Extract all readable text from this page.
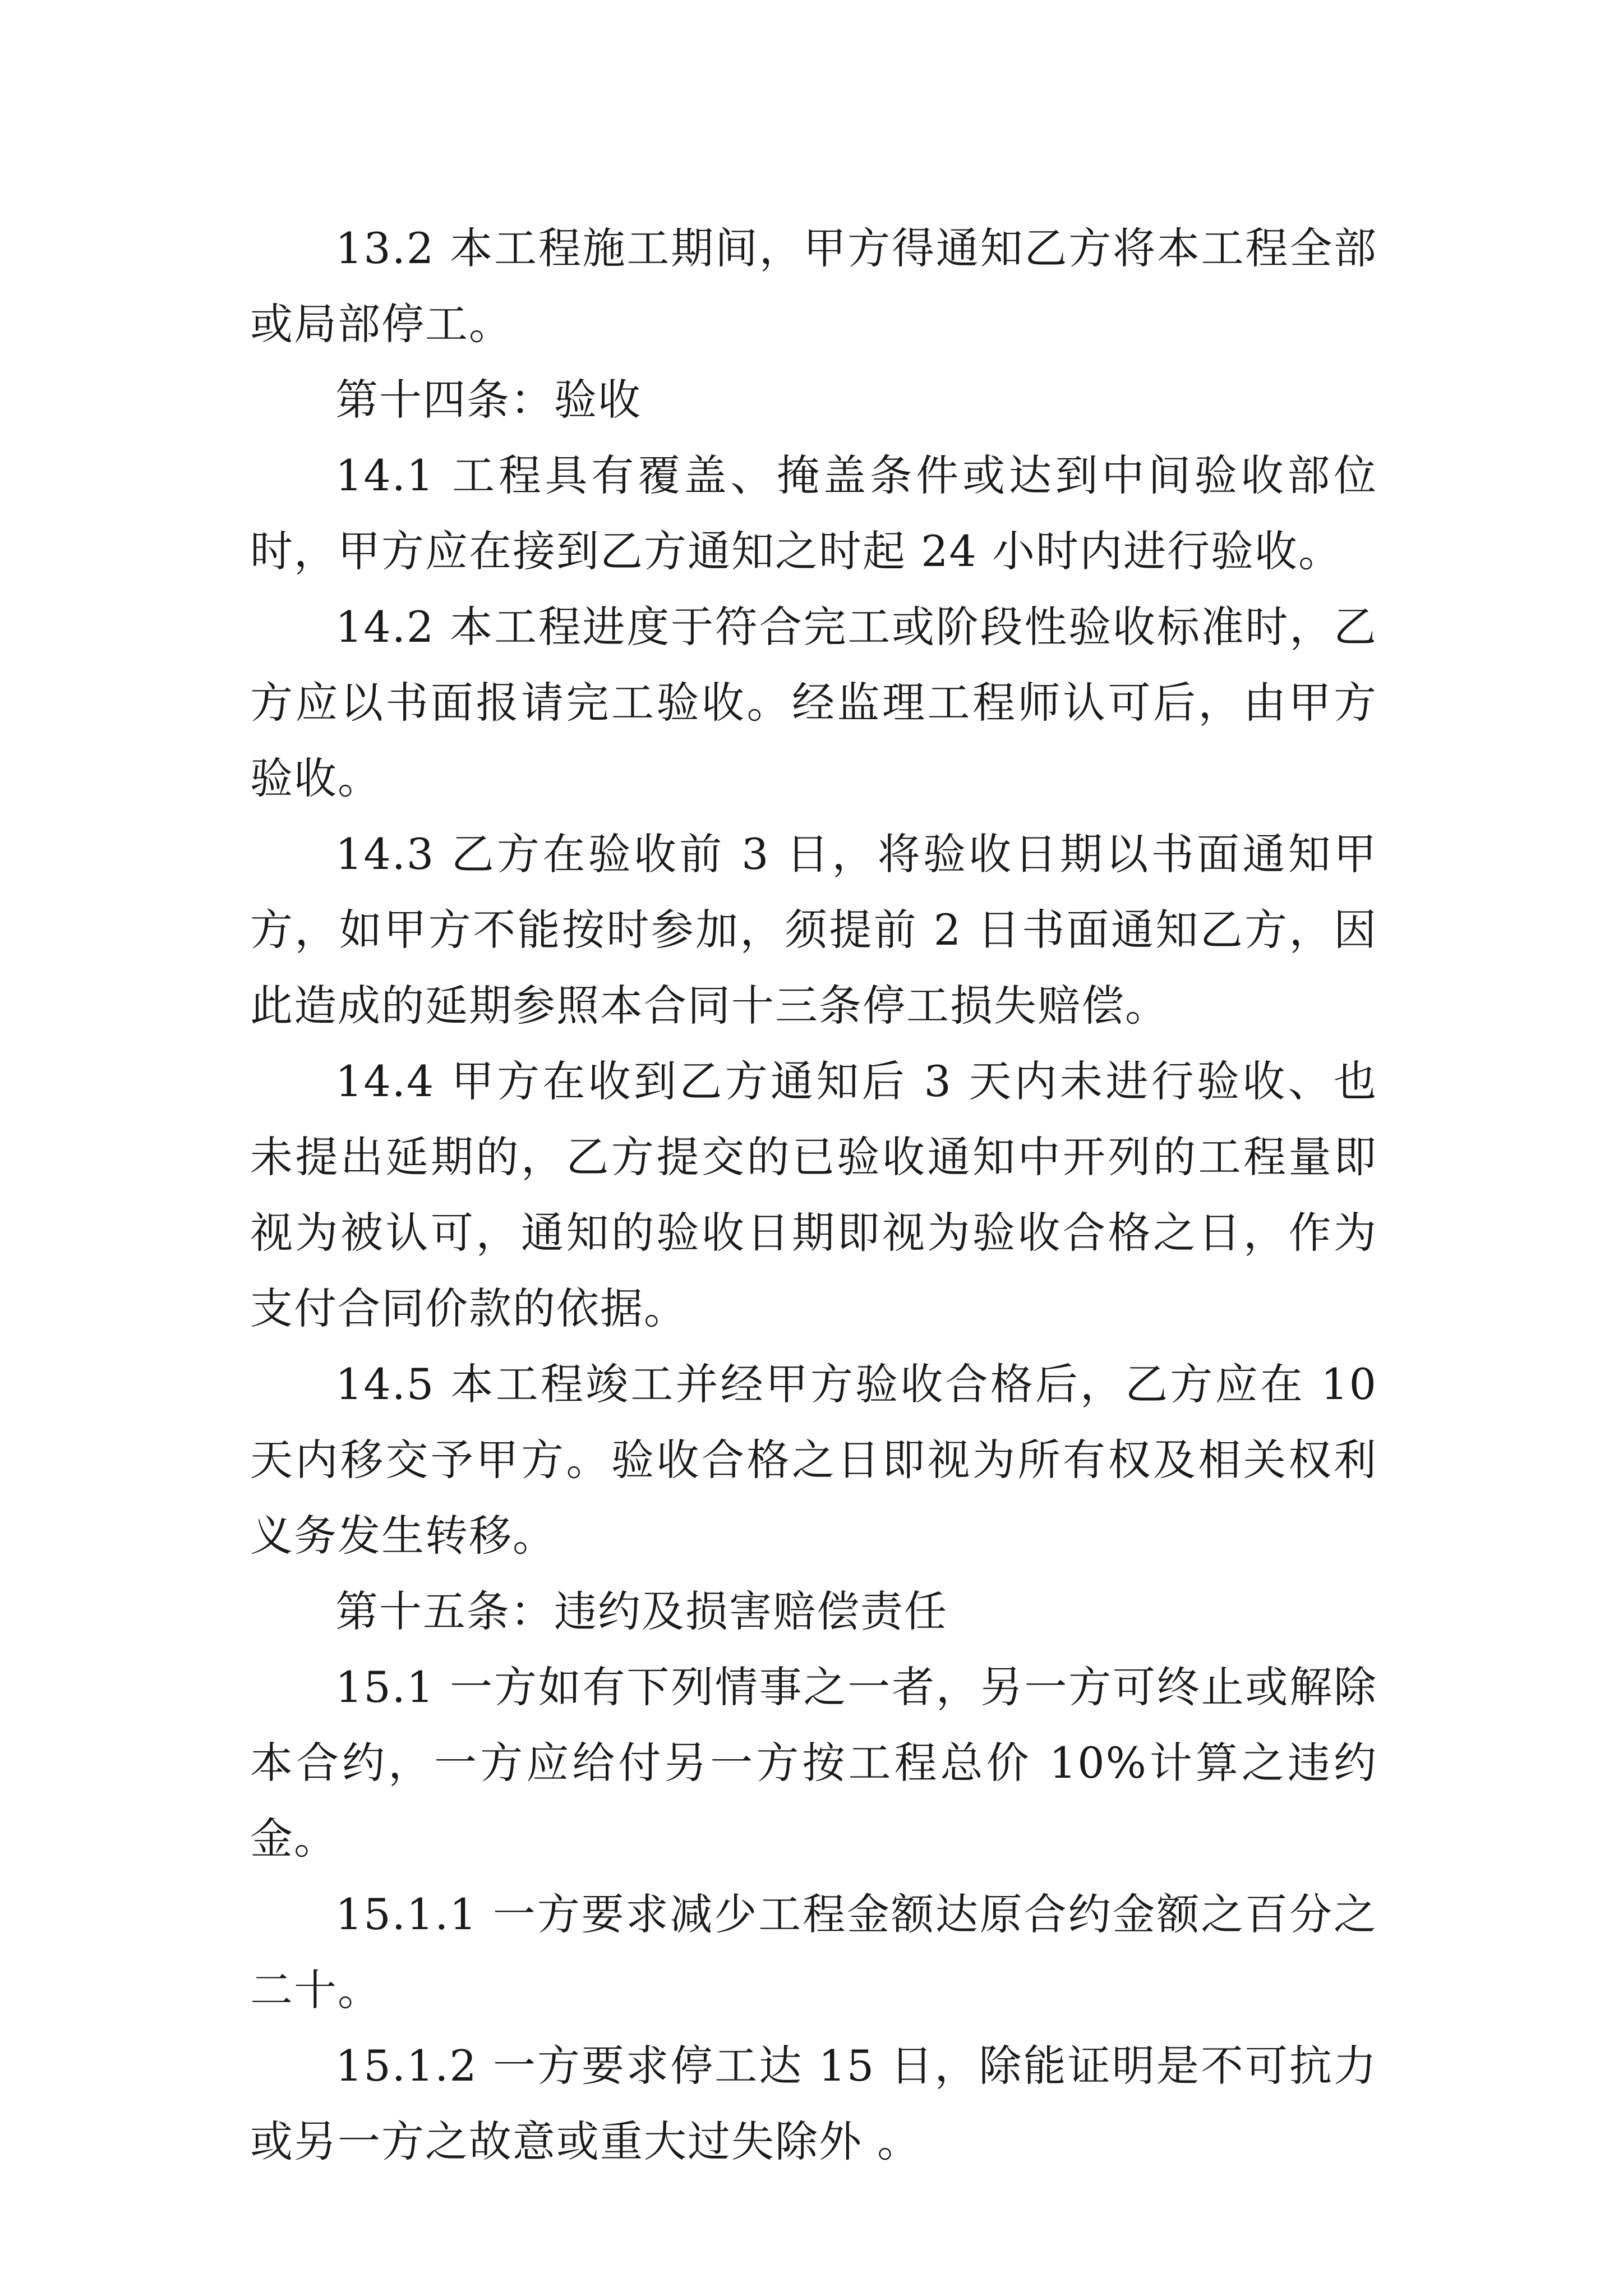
13.2 本工程施工期间，甲方得通知乙方将本工程全部或局部停工。

第十四条：验收

14.1 工程具有覆盖、掩盖条件或达到中间验收部位时，甲方应在接到乙方通知之时起 24 小时内进行验收。

14.2 本工程进度于符合完工或阶段性验收标准时，乙方应以书面报请完工验收。经监理工程师认可后，由甲方验收。

14.3 乙方在验收前 3 日，将验收日期以书面通知甲方，如甲方不能按时参加，须提前 2 日书面通知乙方，因此造成的延期参照本合同十三条停工损失赔偿。

14.4 甲方在收到乙方通知后 3 天内未进行验收、也未提出延期的，乙方提交的已验收通知中开列的工程量即视为被认可，通知的验收日期即视为验收合格之日，作为支付合同价款的依据。

14.5 本工程竣工并经甲方验收合格后，乙方应在 10 天内移交予甲方。验收合格之日即视为所有权及相关权利义务发生转移。

第十五条：违约及损害赔偿责任

15.1 一方如有下列情事之一者，另一方可终止或解除本合约，一方应给付另一方按工程总价 10%计算之违约金。

15.1.1 一方要求减少工程金额达原合约金额之百分之二十。

15.1.2 一方要求停工达 15 日，除能证明是不可抗力或另一方之故意或重大过失除外 。
